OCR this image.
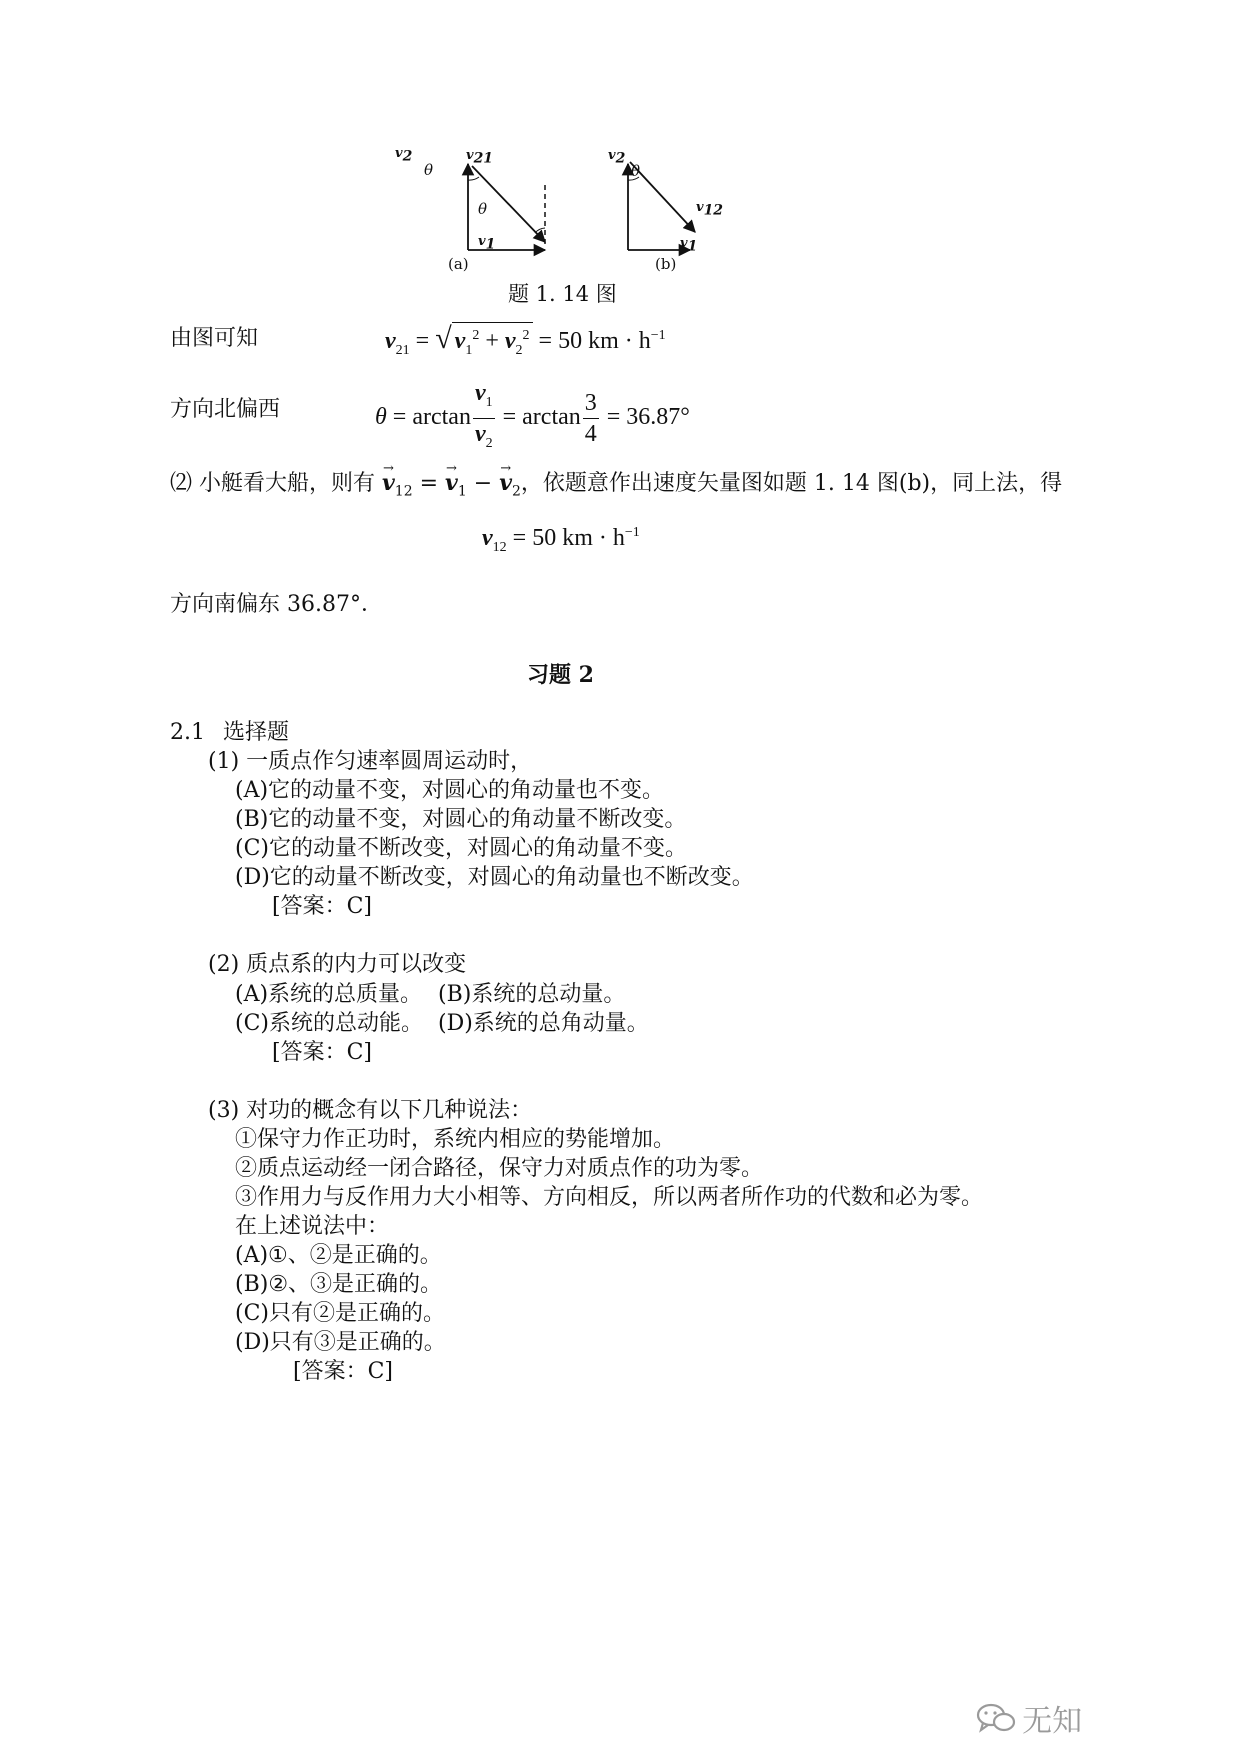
$v_2$	$v_{21}$
θ
θ
$v_1$
(a)
$v_2$
θ
$v_{12}$
$v_1$
(b)
题 1. 14 图
由图可知	$v_{21}$ = √ $v_1^2 + v_2^2 = 50$ km · $h^{-1}$
方向北偏西	$\theta = \arctan \frac{v_1}{v_2} = \arctan \frac{3}{4} = 36.87^\circ$
⑵ 小艇看大船，则有 → $v_{12}$ = → $v_1$ − → $v_2$，依题意作出速度矢量图如题 1. 14 图(b)，同上法，得
$v_{12} = 50$ km · $h^{-1}$
方向南偏东 36.87°．
习题 2
2.1 选择题
(1) 一质点作匀速率圆周运动时，
(A)它的动量不变，对圆心的角动量也不变。
(B)它的动量不变，对圆心的角动量不断改变。
(C)它的动量不断改变，对圆心的角动量不变。
(D)它的动量不断改变，对圆心的角动量也不断改变。
[答案：C]
(2) 质点系的内力可以改变
(A)系统的总质量。 (B)系统的总动量。
(C)系统的总动能。 (D)系统的总角动量。
[答案：C]
(3) 对功的概念有以下几种说法：
①保守力作正功时，系统内相应的势能增加。
②质点运动经一闭合路径，保守力对质点作的功为零。
③作用力与反作用力大小相等、方向相反，所以两者所作功的代数和必为零。
在上述说法中：
(A)①、②是正确的。
(B)②、③是正确的。
(C)只有②是正确的。
(D)只有③是正确的。
[答案：C]
无知
